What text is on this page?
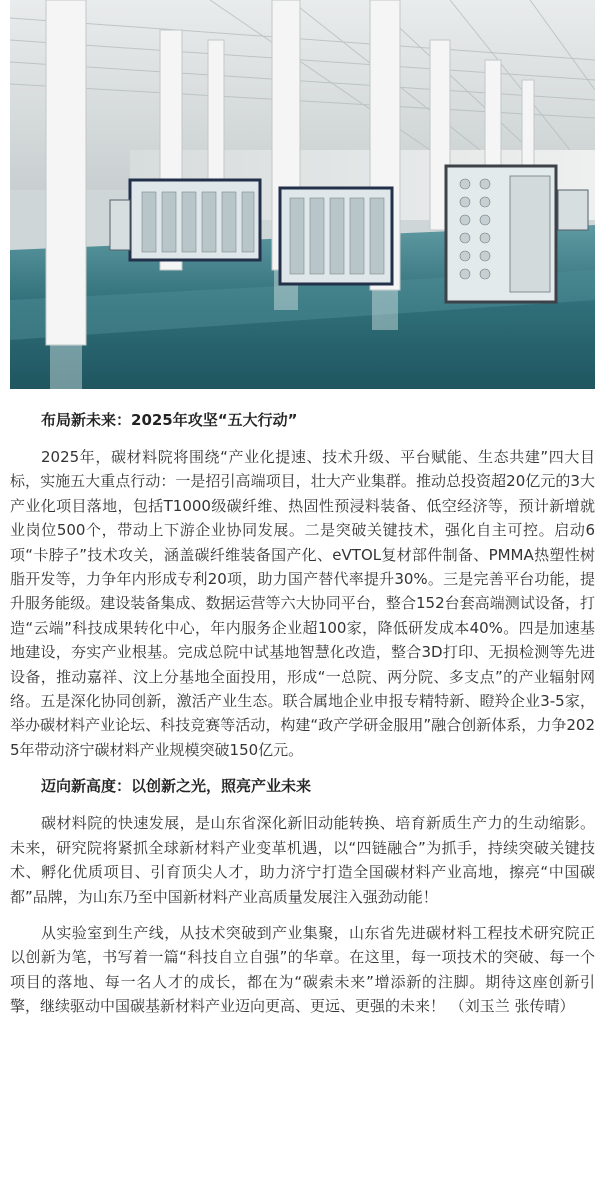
布局新未来：2025年攻坚“五大行动”

2025年，碳材料院将围绕“产业化提速、技术升级、平台赋能、生态共建”四大目标，实施五大重点行动：一是招引高端项目，壮大产业集群。推动总投资超20亿元的3大产业化项目落地，包括T1000级碳纤维、热固性预浸料装备、低空经济等，预计新增就业岗位500个，带动上下游企业协同发展。二是突破关键技术，强化自主可控。启动6项“卡脖子”技术攻关，涵盖碳纤维装备国产化、eVTOL复材部件制备、PMMA热塑性树脂开发等，力争年内形成专利20项，助力国产替代率提升30%。三是完善平台功能，提升服务能级。建设装备集成、数据运营等六大协同平台，整合152台套高端测试设备，打造“云端”科技成果转化中心，年内服务企业超100家，降低研发成本40%。四是加速基地建设，夯实产业根基。完成总院中试基地智慧化改造，整合3D打印、无损检测等先进设备，推动嘉祥、汶上分基地全面投用，形成“一总院、两分院、多支点”的产业辐射网络。五是深化协同创新，激活产业生态。联合属地企业申报专精特新、瞪羚企业3-5家，举办碳材料产业论坛、科技竞赛等活动，构建“政产学研金服用”融合创新体系，力争2025年带动济宁碳材料产业规模突破150亿元。

迈向新高度：以创新之光，照亮产业未来

碳材料院的快速发展，是山东省深化新旧动能转换、培育新质生产力的生动缩影。未来，研究院将紧抓全球新材料产业变革机遇，以“四链融合”为抓手，持续突破关键技术、孵化优质项目、引育顶尖人才，助力济宁打造全国碳材料产业高地，擦亮“中国碳都”品牌，为山东乃至中国新材料产业高质量发展注入强劲动能！

从实验室到生产线，从技术突破到产业集聚，山东省先进碳材料工程技术研究院正以创新为笔，书写着一篇“科技自立自强”的华章。在这里，每一项技术的突破、每一个项目的落地、每一名人才的成长，都在为“碳索未来”增添新的注脚。期待这座创新引擎，继续驱动中国碳基新材料产业迈向更高、更远、更强的未来！ （刘玉兰 张传晴）
